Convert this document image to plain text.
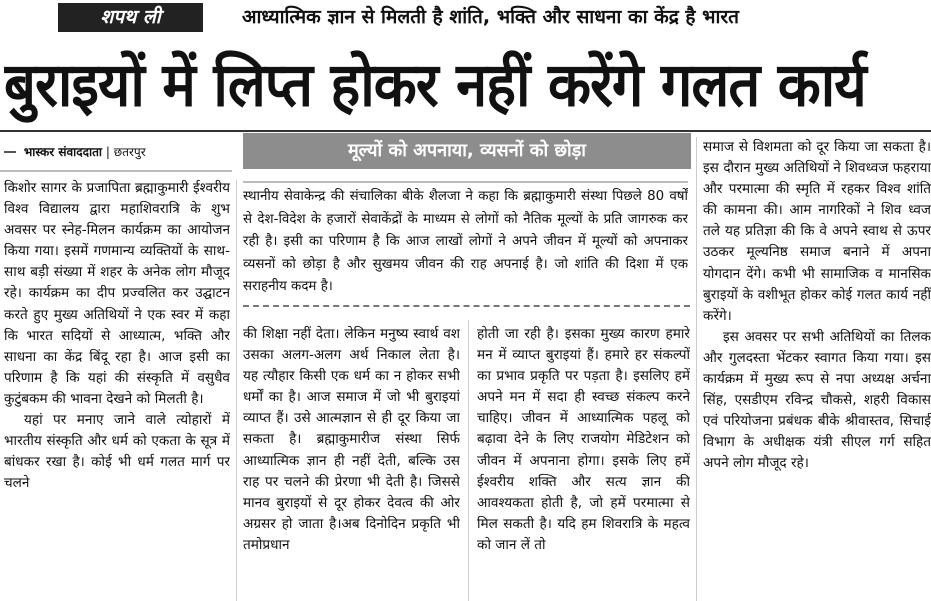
शपथ ली	आध्यात्मिक ज्ञान से मिलती है शांति, भक्ति और साधना का केंद्र है भारत
बुराइयों में लिप्त होकर नहीं करेंगे गलत कार्य
भास्कर संवाददाता | छतरपुर	मूल्यों को अपनाया, व्यसनों को छोड़ा

स्थानीय सेवाकेन्द्र की संचालिका बीके शैलजा ने कहा कि ब्रह्माकुमारी संस्था पिछले 80 वर्षों से देश-विदेश के हजारों सेवाकेंद्रों के माध्यम से लोगों को नैतिक मूल्यों के प्रति जागरुक कर रही है। इसी का परिणाम है कि आज लाखों लोगों ने अपने जीवन में मूल्यों को अपनाकर व्यसनों को छोड़ा है और सुखमय जीवन की राह अपनाई है। जो शांति की दिशा में एक सराहनीय कदम है।

किशोर सागर के प्रजापिता ब्रह्माकुमारी ईश्वरीय विश्व विद्यालय द्वारा महाशिवरात्रि के शुभ अवसर पर स्नेह-मिलन कार्यक्रम का आयोजन किया गया। इसमें गणमान्य व्यक्तियों के साथ-साथ बड़ी संख्या में शहर के अनेक लोग मौजूद रहे। कार्यक्रम का दीप प्रज्वलित कर उद्घाटन करते हुए मुख्य अतिथियों ने एक स्वर में कहा कि भारत सदियों से आध्यात्म, भक्ति और साधना का केंद्र बिंदू रहा है। आज इसी का परिणाम है कि यहां की संस्कृति में वसुधैव कुटुंबकम की भावना देखने को मिलती है।

यहां पर मनाए जाने वाले त्योहारों में भारतीय संस्कृति और धर्म को एकता के सूत्र में बांधकर रखा है। कोई भी धर्म गलत मार्ग पर चलने

की शिक्षा नहीं देता। लेकिन मनुष्य स्वार्थ वश उसका अलग-अलग अर्थ निकाल लेता है। यह त्यौहार किसी एक धर्म का न होकर सभी धर्मों का है। आज समाज में जो भी बुराइयां व्याप्त हैं। उसे आत्मज्ञान से ही दूर किया जा सकता है। ब्रह्माकुमारीज संस्था सिर्फ आध्यात्मिक ज्ञान ही नहीं देती, बल्कि उस राह पर चलने की प्रेरणा भी देती है। जिससे मानव बुराइयों से दूर होकर देवत्व की ओर अग्रसर हो जाता है।अब दिनोदिन प्रकृति भी तमोप्रधान

होती जा रही है। इसका मुख्य कारण हमारे मन में व्याप्त बुराइयां हैं। हमारे हर संकल्पों का प्रभाव प्रकृति पर पड़ता है। इसलिए हमें अपने मन में सदा ही स्वच्छ संकल्प करने चाहिए। जीवन में आध्यात्मिक पहलू को बढ़ावा देने के लिए राजयोग मेडिटेशन को जीवन में अपनाना होगा। इसके लिए हमें ईश्वरीय शक्ति और सत्य ज्ञान की आवश्यकता होती है, जो हमें परमात्मा से मिल सकती है। यदि हम शिवरात्रि के महत्व को जान लें तो

समाज से विशमता को दूर किया जा सकता है। इस दौरान मुख्य अतिथियों ने शिवध्वज फहराया और परमात्मा की स्मृति में रहकर विश्व शांति की कामना की। आम नागरिकों ने शिव ध्वज तले यह प्रतिज्ञा की कि वे अपने स्वाथ से ऊपर उठकर मूल्यनिष्ठ समाज बनाने में अपना योगदान देंगे। कभी भी सामाजिक व मानसिक बुराइयों के वशीभूत होकर कोई गलत कार्य नहीं करेंगे।

इस अवसर पर सभी अतिथियों का तिलक और गुलदस्ता भेंटकर स्वागत किया गया। इस कार्यक्रम में मुख्य रूप से नपा अध्यक्ष अर्चना सिंह, एसडीएम रविन्द्र चौकसे, शहरी विकास एवं परियोजना प्रबंधक बीके श्रीवास्तव, सिचाई विभाग के अधीक्षक यंत्री सीएल गर्ग सहित अपने लोग मौजूद रहे।
